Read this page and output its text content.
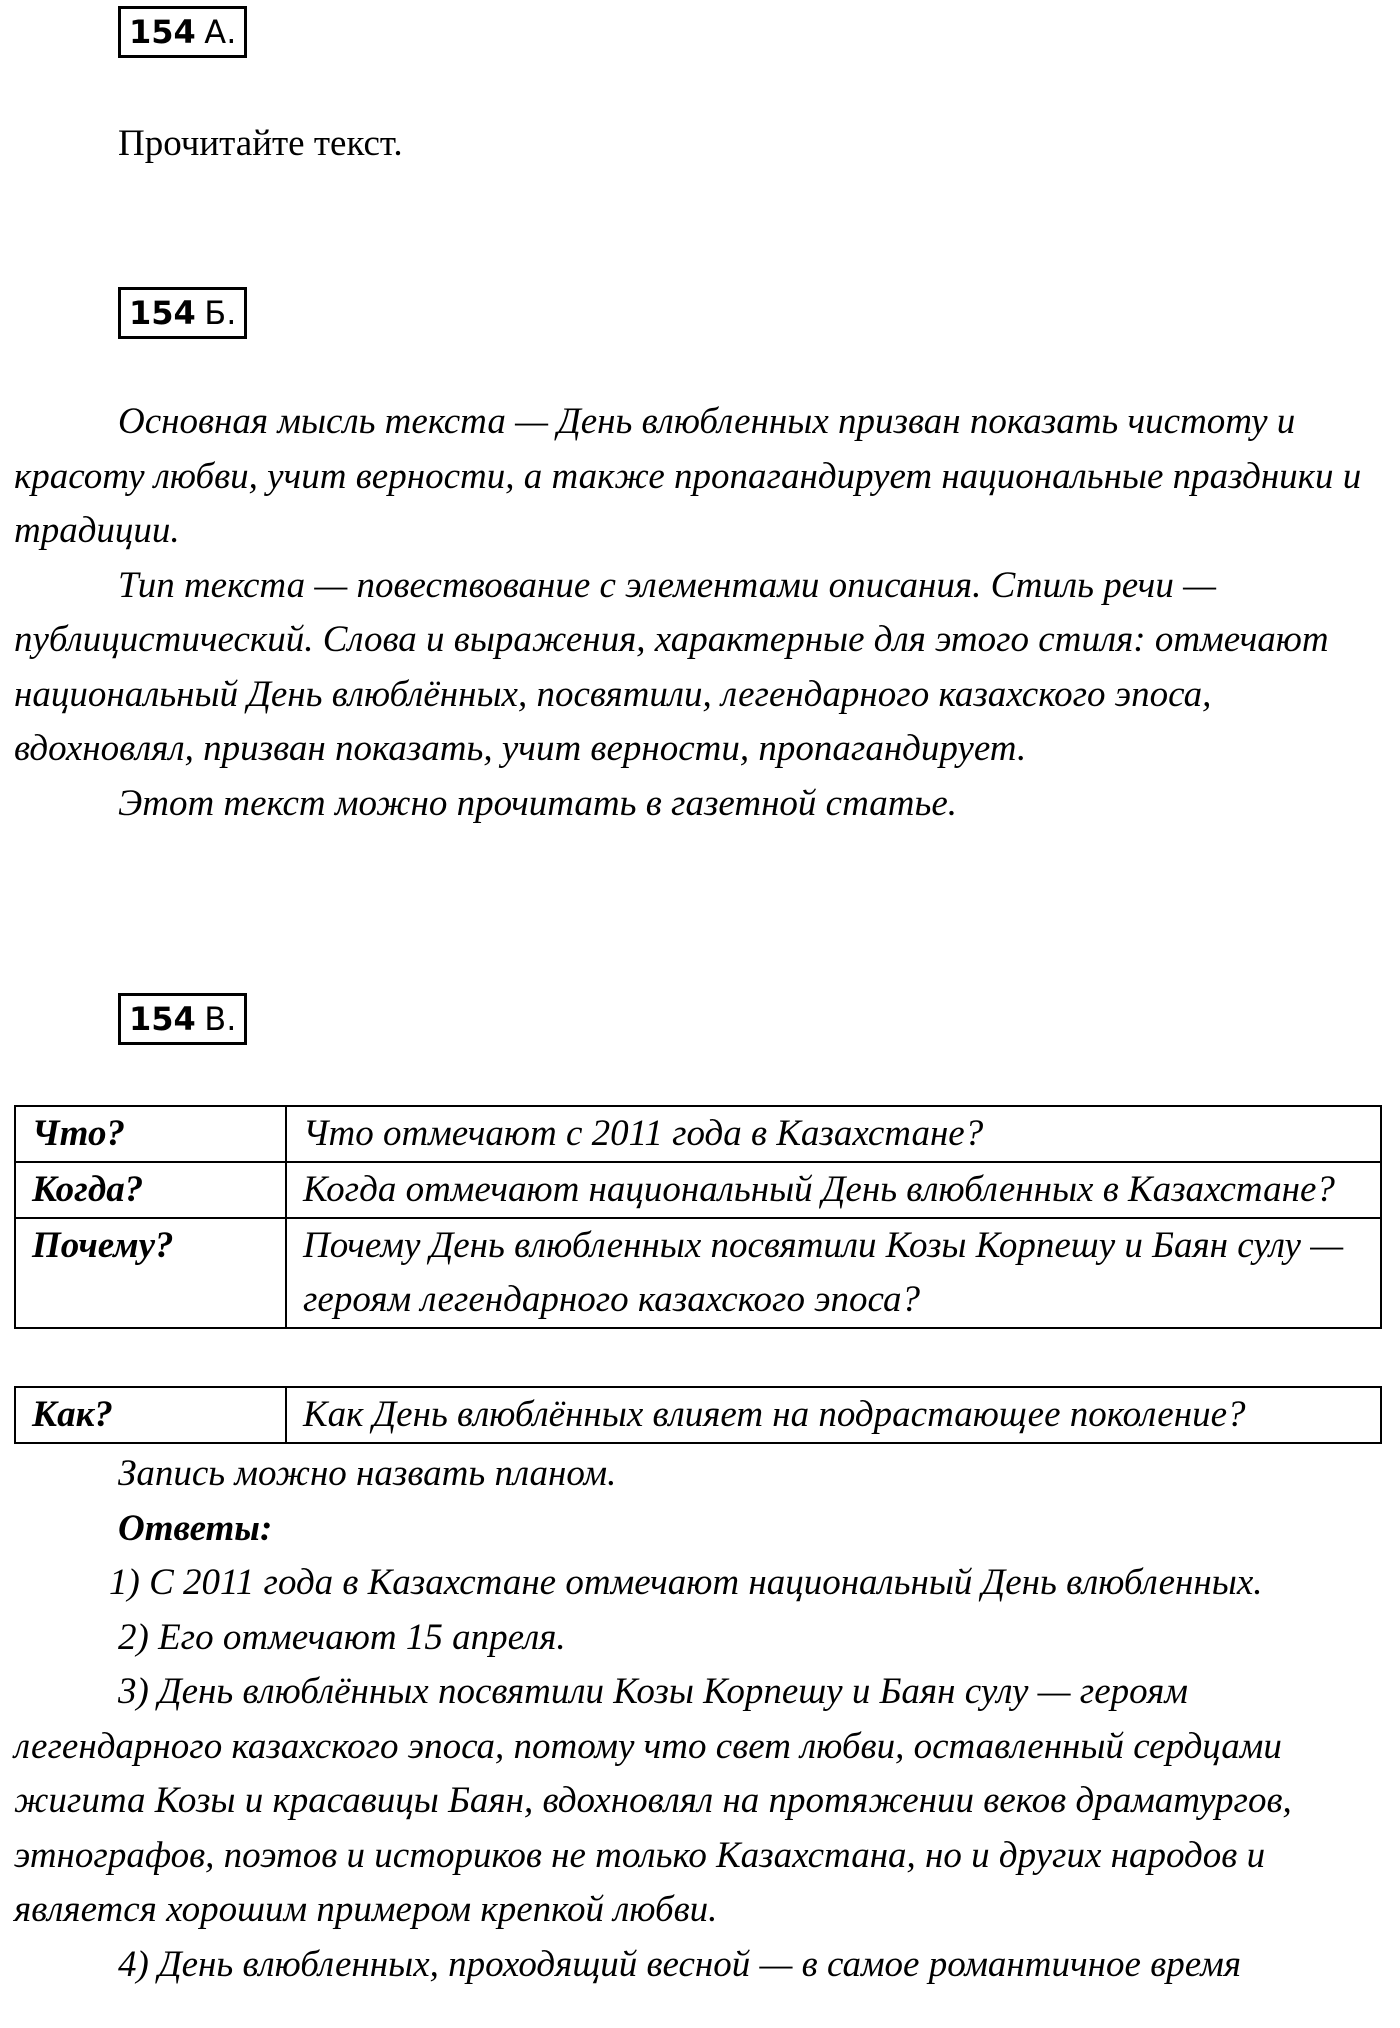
154 А.
Прочитайте текст.
154 Б.

Основная мысль текста — День влюбленных призван показать чистоту и красоту любви, учит верности, а также пропагандирует национальные праздники и традиции.

Тип текста — повествование с элементами описания. Стиль речи — публицистический. Слова и выражения, характерные для этого стиля: отмечают национальный День влюблённых, посвятили, легендарного казахского эпоса, вдохновлял, призван показать, учит верности, пропагандирует.

Этот текст можно прочитать в газетной статье.

154 В.
Что?	Что отмечают с 2011 года в Казахстане?
Когда?	Когда отмечают национальный День влюбленных в Казахстане?
Почему?	Почему День влюбленных посвятили Козы Корпешу и Баян сулу — героям легендарного казахского эпоса?
Как?	Как День влюблённых влияет на подрастающее поколение?

Запись можно назвать планом.

Ответы:

1) С 2011 года в Казахстане отмечают национальный День влюбленных.

2) Его отмечают 15 апреля.

3) День влюблённых посвятили Козы Корпешу и Баян сулу — героям легендарного казахского эпоса, потому что свет любви, оставленный сердцами жигита Козы и красавицы Баян, вдохновлял на протяжении веков драматургов, этнографов, поэтов и историков не только Казахстана, но и других народов и является хорошим примером крепкой любви.

4) День влюбленных, проходящий весной — в самое романтичное время
